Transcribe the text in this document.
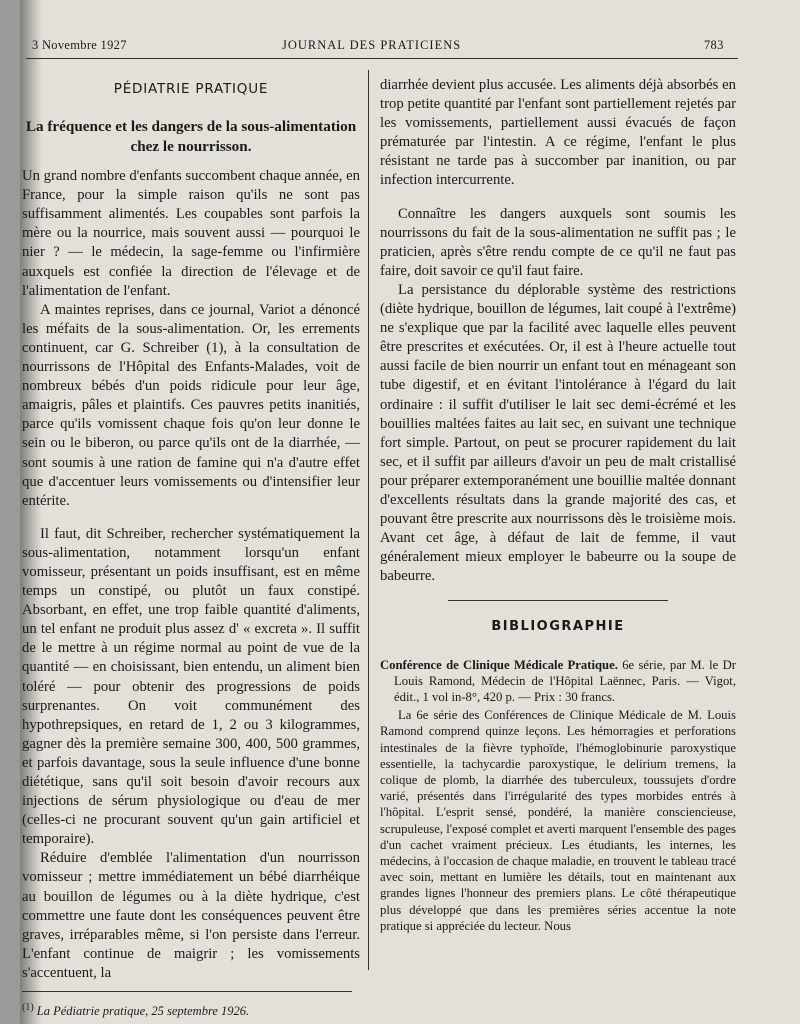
3 Novembre 1927	JOURNAL DES PRATICIENS	783
PÉDIATRIE PRATIQUE
La fréquence et les dangers de la sous-alimentation chez le nourrisson.

Un grand nombre d'enfants succombent chaque année, en France, pour la simple raison qu'ils ne sont pas suffisamment alimentés. Les coupables sont parfois la mère ou la nourrice, mais souvent aussi — pourquoi le nier ? — le médecin, la sage-femme ou l'infirmière auxquels est confiée la direction de l'élevage et de l'alimentation de l'enfant.

A maintes reprises, dans ce journal, Variot a dénoncé les méfaits de la sous-alimentation. Or, les errements continuent, car G. Schreiber (1), à la consultation de nourrissons de l'Hôpital des Enfants-Malades, voit de nombreux bébés d'un poids ridicule pour leur âge, amaigris, pâles et plaintifs. Ces pauvres petits inanitiés, parce qu'ils vomissent chaque fois qu'on leur donne le sein ou le biberon, ou parce qu'ils ont de la diarrhée, — sont soumis à une ration de famine qui n'a d'autre effet que d'accentuer leurs vomissements ou d'intensifier leur entérite.

Il faut, dit Schreiber, rechercher systématiquement la sous-alimentation, notamment lorsqu'un enfant vomisseur, présentant un poids insuffisant, est en même temps un constipé, ou plutôt un faux constipé. Absorbant, en effet, une trop faible quantité d'aliments, un tel enfant ne produit plus assez d' « excreta ». Il suffit de le mettre à un régime normal au point de vue de la quantité — en choisissant, bien entendu, un aliment bien toléré — pour obtenir des progressions de poids surprenantes. On voit communément des hypothrepsiques, en retard de 1, 2 ou 3 kilogrammes, gagner dès la première semaine 300, 400, 500 grammes, et parfois davantage, sous la seule influence d'une bonne diététique, sans qu'il soit besoin d'avoir recours aux injections de sérum physiologique ou d'eau de mer (celles-ci ne procurant souvent qu'un gain artificiel et temporaire).

Réduire d'emblée l'alimentation d'un nourrisson vomisseur ; mettre immédiatement un bébé diarrhéique au bouillon de légumes ou à la diète hydrique, c'est commettre une faute dont les conséquences peuvent être graves, irréparables même, si l'on persiste dans l'erreur. L'enfant continue de maigrir ; les vomissements s'accentuent, la

$^{(1)}$ La Pédiatrie pratique, 25 septembre 1926.

diarrhée devient plus accusée. Les aliments déjà absorbés en trop petite quantité par l'enfant sont partiellement rejetés par les vomissements, partiellement aussi évacués de façon prématurée par l'intestin. A ce régime, l'enfant le plus résistant ne tarde pas à succomber par inanition, ou par infection intercurrente.

Connaître les dangers auxquels sont soumis les nourrissons du fait de la sous-alimentation ne suffit pas ; le praticien, après s'être rendu compte de ce qu'il ne faut pas faire, doit savoir ce qu'il faut faire.

La persistance du déplorable système des restrictions (diète hydrique, bouillon de légumes, lait coupé à l'extrême) ne s'explique que par la facilité avec laquelle elles peuvent être prescrites et exécutées. Or, il est à l'heure actuelle tout aussi facile de bien nourrir un enfant tout en ménageant son tube digestif, et en évitant l'intolérance à l'égard du lait ordinaire : il suffit d'utiliser le lait sec demi-écrémé et les bouillies maltées faites au lait sec, en suivant une technique fort simple. Partout, on peut se procurer rapidement du lait sec, et il suffit par ailleurs d'avoir un peu de malt cristallisé pour préparer extemporanément une bouillie maltée donnant d'excellents résultats dans la grande majorité des cas, et pouvant être prescrite aux nourrissons dès le troisième mois. Avant cet âge, à défaut de lait de femme, il vaut généralement mieux employer le babeurre ou la soupe de babeurre.

BIBLIOGRAPHIE
Conférence de Clinique Médicale Pratique. 6e série, par M. le Dr Louis Ramond, Médecin de l'Hôpital Laënnec, Paris. — Vigot, édit., 1 vol in-8°, 420 p. — Prix : 30 francs.
La 6e série des Conférences de Clinique Médicale de M. Louis Ramond comprend quinze leçons. Les hémorragies et perforations intestinales de la fièvre typhoïde, l'hémoglobinurie paroxystique essentielle, la tachycardie paroxystique, le delirium tremens, la colique de plomb, la diarrhée des tuberculeux, toussujets d'ordre varié, présentés dans l'irrégularité des types morbides entrés à l'hôpital. L'esprit sensé, pondéré, la manière consciencieuse, scrupuleuse, l'exposé complet et averti marquent l'ensemble des pages d'un cachet vraiment précieux. Les étudiants, les internes, les médecins, à l'occasion de chaque maladie, en trouvent le tableau tracé avec soin, mettant en lumière les détails, tout en maintenant aux grandes lignes l'honneur des premiers plans. Le côté thérapeutique plus développé que dans les premières séries accentue la note pratique si appréciée du lecteur. Nous
